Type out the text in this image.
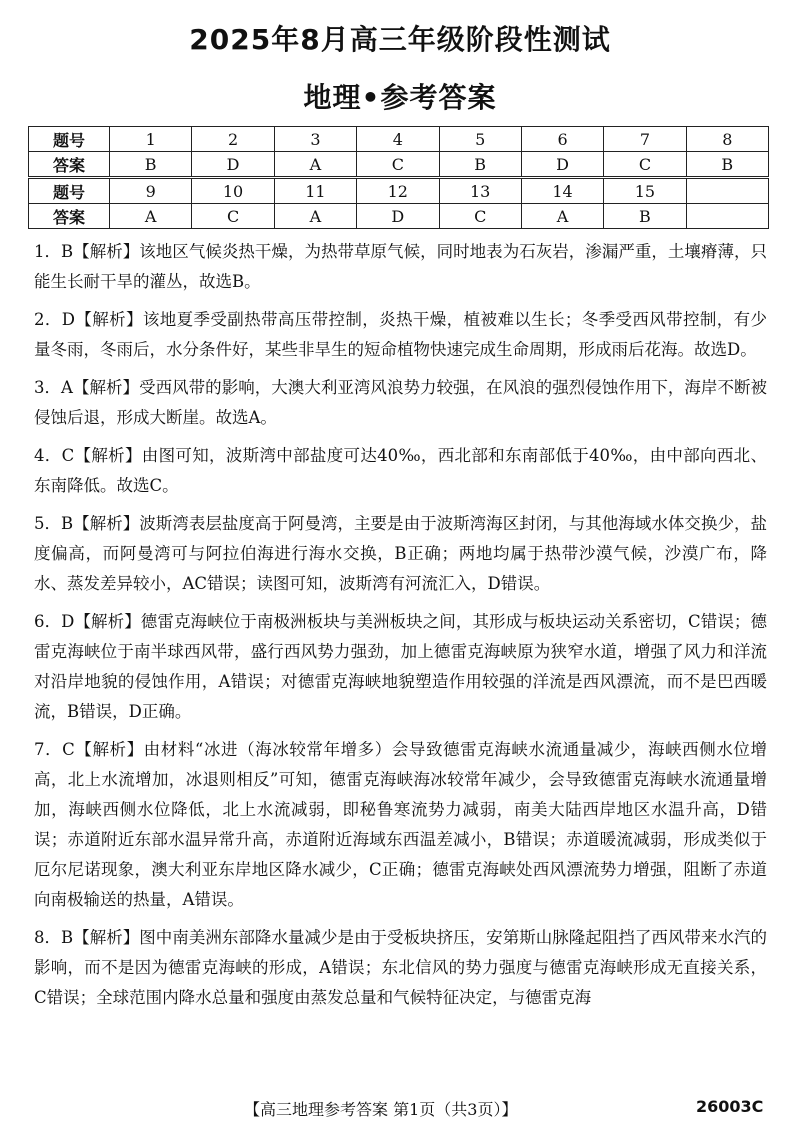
2025年8月高三年级阶段性测试
地理•参考答案
题号	1	2	3	4	5	6	7	8
答案	B	D	A	C	B	D	C	B
题号	9	10	11	12	13	14	15	
答案	A	C	A	D	C	A	B	

1．B【解析】该地区气候炎热干燥，为热带草原气候，同时地表为石灰岩，渗漏严重，土壤瘠薄，只能生长耐干旱的灌丛，故选B。

2．D【解析】该地夏季受副热带高压带控制，炎热干燥，植被难以生长；冬季受西风带控制，有少量冬雨，冬雨后，水分条件好，某些非旱生的短命植物快速完成生命周期，形成雨后花海。故选D。

3．A【解析】受西风带的影响，大澳大利亚湾风浪势力较强，在风浪的强烈侵蚀作用下，海岸不断被侵蚀后退，形成大断崖。故选A。

4．C【解析】由图可知，波斯湾中部盐度可达40‰，西北部和东南部低于40‰，由中部向西北、东南降低。故选C。

5．B【解析】波斯湾表层盐度高于阿曼湾，主要是由于波斯湾海区封闭，与其他海域水体交换少，盐度偏高，而阿曼湾可与阿拉伯海进行海水交换，B正确；两地均属于热带沙漠气候，沙漠广布，降水、蒸发差异较小，AC错误；读图可知，波斯湾有河流汇入，D错误。

6．D【解析】德雷克海峡位于南极洲板块与美洲板块之间，其形成与板块运动关系密切，C错误；德雷克海峡位于南半球西风带，盛行西风势力强劲，加上德雷克海峡原为狭窄水道，增强了风力和洋流对沿岸地貌的侵蚀作用，A错误；对德雷克海峡地貌塑造作用较强的洋流是西风漂流，而不是巴西暖流，B错误，D正确。

7．C【解析】由材料“冰进（海冰较常年增多）会导致德雷克海峡水流通量减少，海峡西侧水位增高，北上水流增加，冰退则相反”可知，德雷克海峡海冰较常年减少，会导致德雷克海峡水流通量增加，海峡西侧水位降低，北上水流减弱，即秘鲁寒流势力减弱，南美大陆西岸地区水温升高，D错误；赤道附近东部水温异常升高，赤道附近海域东西温差减小，B错误；赤道暖流减弱，形成类似于厄尔尼诺现象，澳大利亚东岸地区降水减少，C正确；德雷克海峡处西风漂流势力增强，阻断了赤道向南极输送的热量，A错误。

8．B【解析】图中南美洲东部降水量减少是由于受板块挤压，安第斯山脉隆起阻挡了西风带来水汽的影响，而不是因为德雷克海峡的形成，A错误；东北信风的势力强度与德雷克海峡形成无直接关系，C错误；全球范围内降水总量和强度由蒸发总量和气候特征决定，与德雷克海

【高三地理参考答案 第1页（共3页）】	26003C
